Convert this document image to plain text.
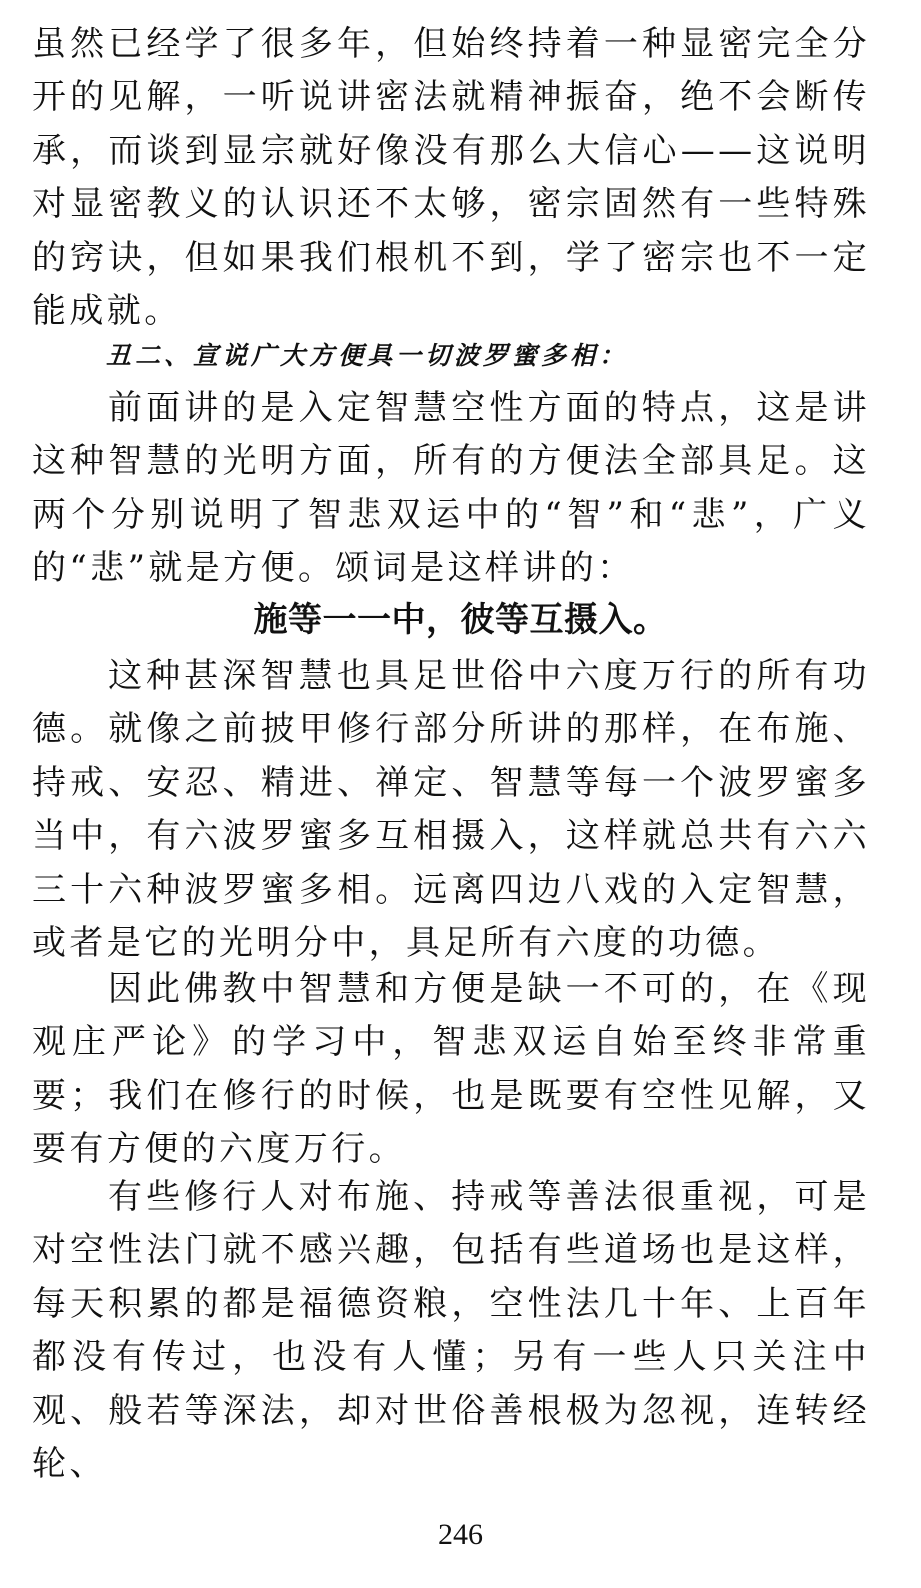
虽然已经学了很多年，但始终持着一种显密完全分开的见解，一听说讲密法就精神振奋，绝不会断传承，而谈到显宗就好像没有那么大信心——这说明对显密教义的认识还不太够，密宗固然有一些特殊的窍诀，但如果我们根机不到，学了密宗也不一定能成就。

丑二、宣说广大方便具一切波罗蜜多相：

前面讲的是入定智慧空性方面的特点，这是讲这种智慧的光明方面，所有的方便法全部具足。这两个分别说明了智悲双运中的“智”和“悲”，广义的“悲”就是方便。颂词是这样讲的：

施等一一中，彼等互摄入。

这种甚深智慧也具足世俗中六度万行的所有功德。就像之前披甲修行部分所讲的那样，在布施、持戒、安忍、精进、禅定、智慧等每一个波罗蜜多当中，有六波罗蜜多互相摄入，这样就总共有六六三十六种波罗蜜多相。远离四边八戏的入定智慧，或者是它的光明分中，具足所有六度的功德。

因此佛教中智慧和方便是缺一不可的，在《现观庄严论》的学习中，智悲双运自始至终非常重要；我们在修行的时候，也是既要有空性见解，又要有方便的六度万行。

有些修行人对布施、持戒等善法很重视，可是对空性法门就不感兴趣，包括有些道场也是这样，每天积累的都是福德资粮，空性法几十年、上百年都没有传过，也没有人懂；另有一些人只关注中观、般若等深法，却对世俗善根极为忽视，连转经轮、

246
